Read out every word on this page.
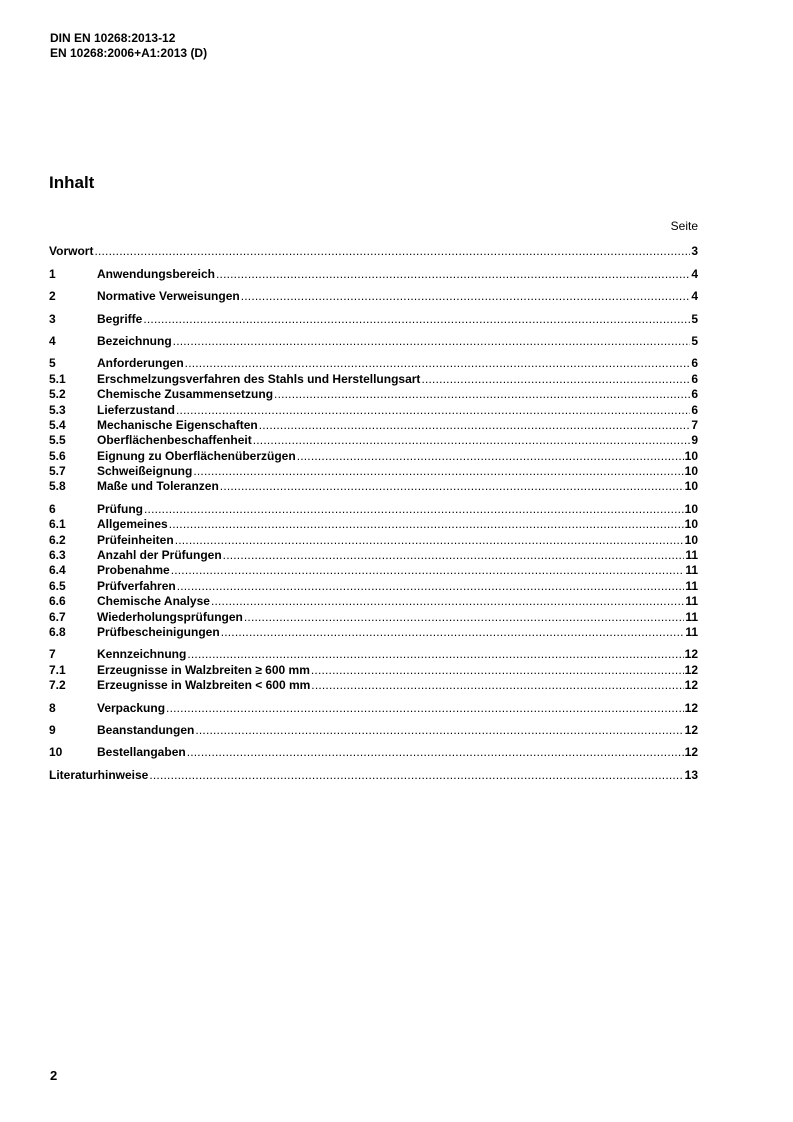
DIN EN 10268:2013-12
EN 10268:2006+A1:2013 (D)
Inhalt
Seite
Vorwort .....	3
1	Anwendungsbereich .....	4
2	Normative Verweisungen .....	4
3	Begriffe .....	5
4	Bezeichnung .....	5
5	Anforderungen .....	6
5.1	Erschmelzungsverfahren des Stahls und Herstellungsart .....	6
5.2	Chemische Zusammensetzung .....	6
5.3	Lieferzustand .....	6
5.4	Mechanische Eigenschaften .....	7
5.5	Oberflächenbeschaffenheit .....	9
5.6	Eignung zu Oberflächenüberzügen .....	10
5.7	Schweißeignung .....	10
5.8	Maße und Toleranzen .....	10
6	Prüfung .....	10
6.1	Allgemeines .....	10
6.2	Prüfeinheiten .....	10
6.3	Anzahl der Prüfungen .....	11
6.4	Probenahme .....	11
6.5	Prüfverfahren .....	11
6.6	Chemische Analyse .....	11
6.7	Wiederholungsprüfungen .....	11
6.8	Prüfbescheinigungen .....	11
7	Kennzeichnung .....	12
7.1	Erzeugnisse in Walzbreiten ≥ 600 mm .....	12
7.2	Erzeugnisse in Walzbreiten < 600 mm .....	12
8	Verpackung .....	12
9	Beanstandungen .....	12
10	Bestellangaben .....	12
Literaturhinweise .....	13
2
